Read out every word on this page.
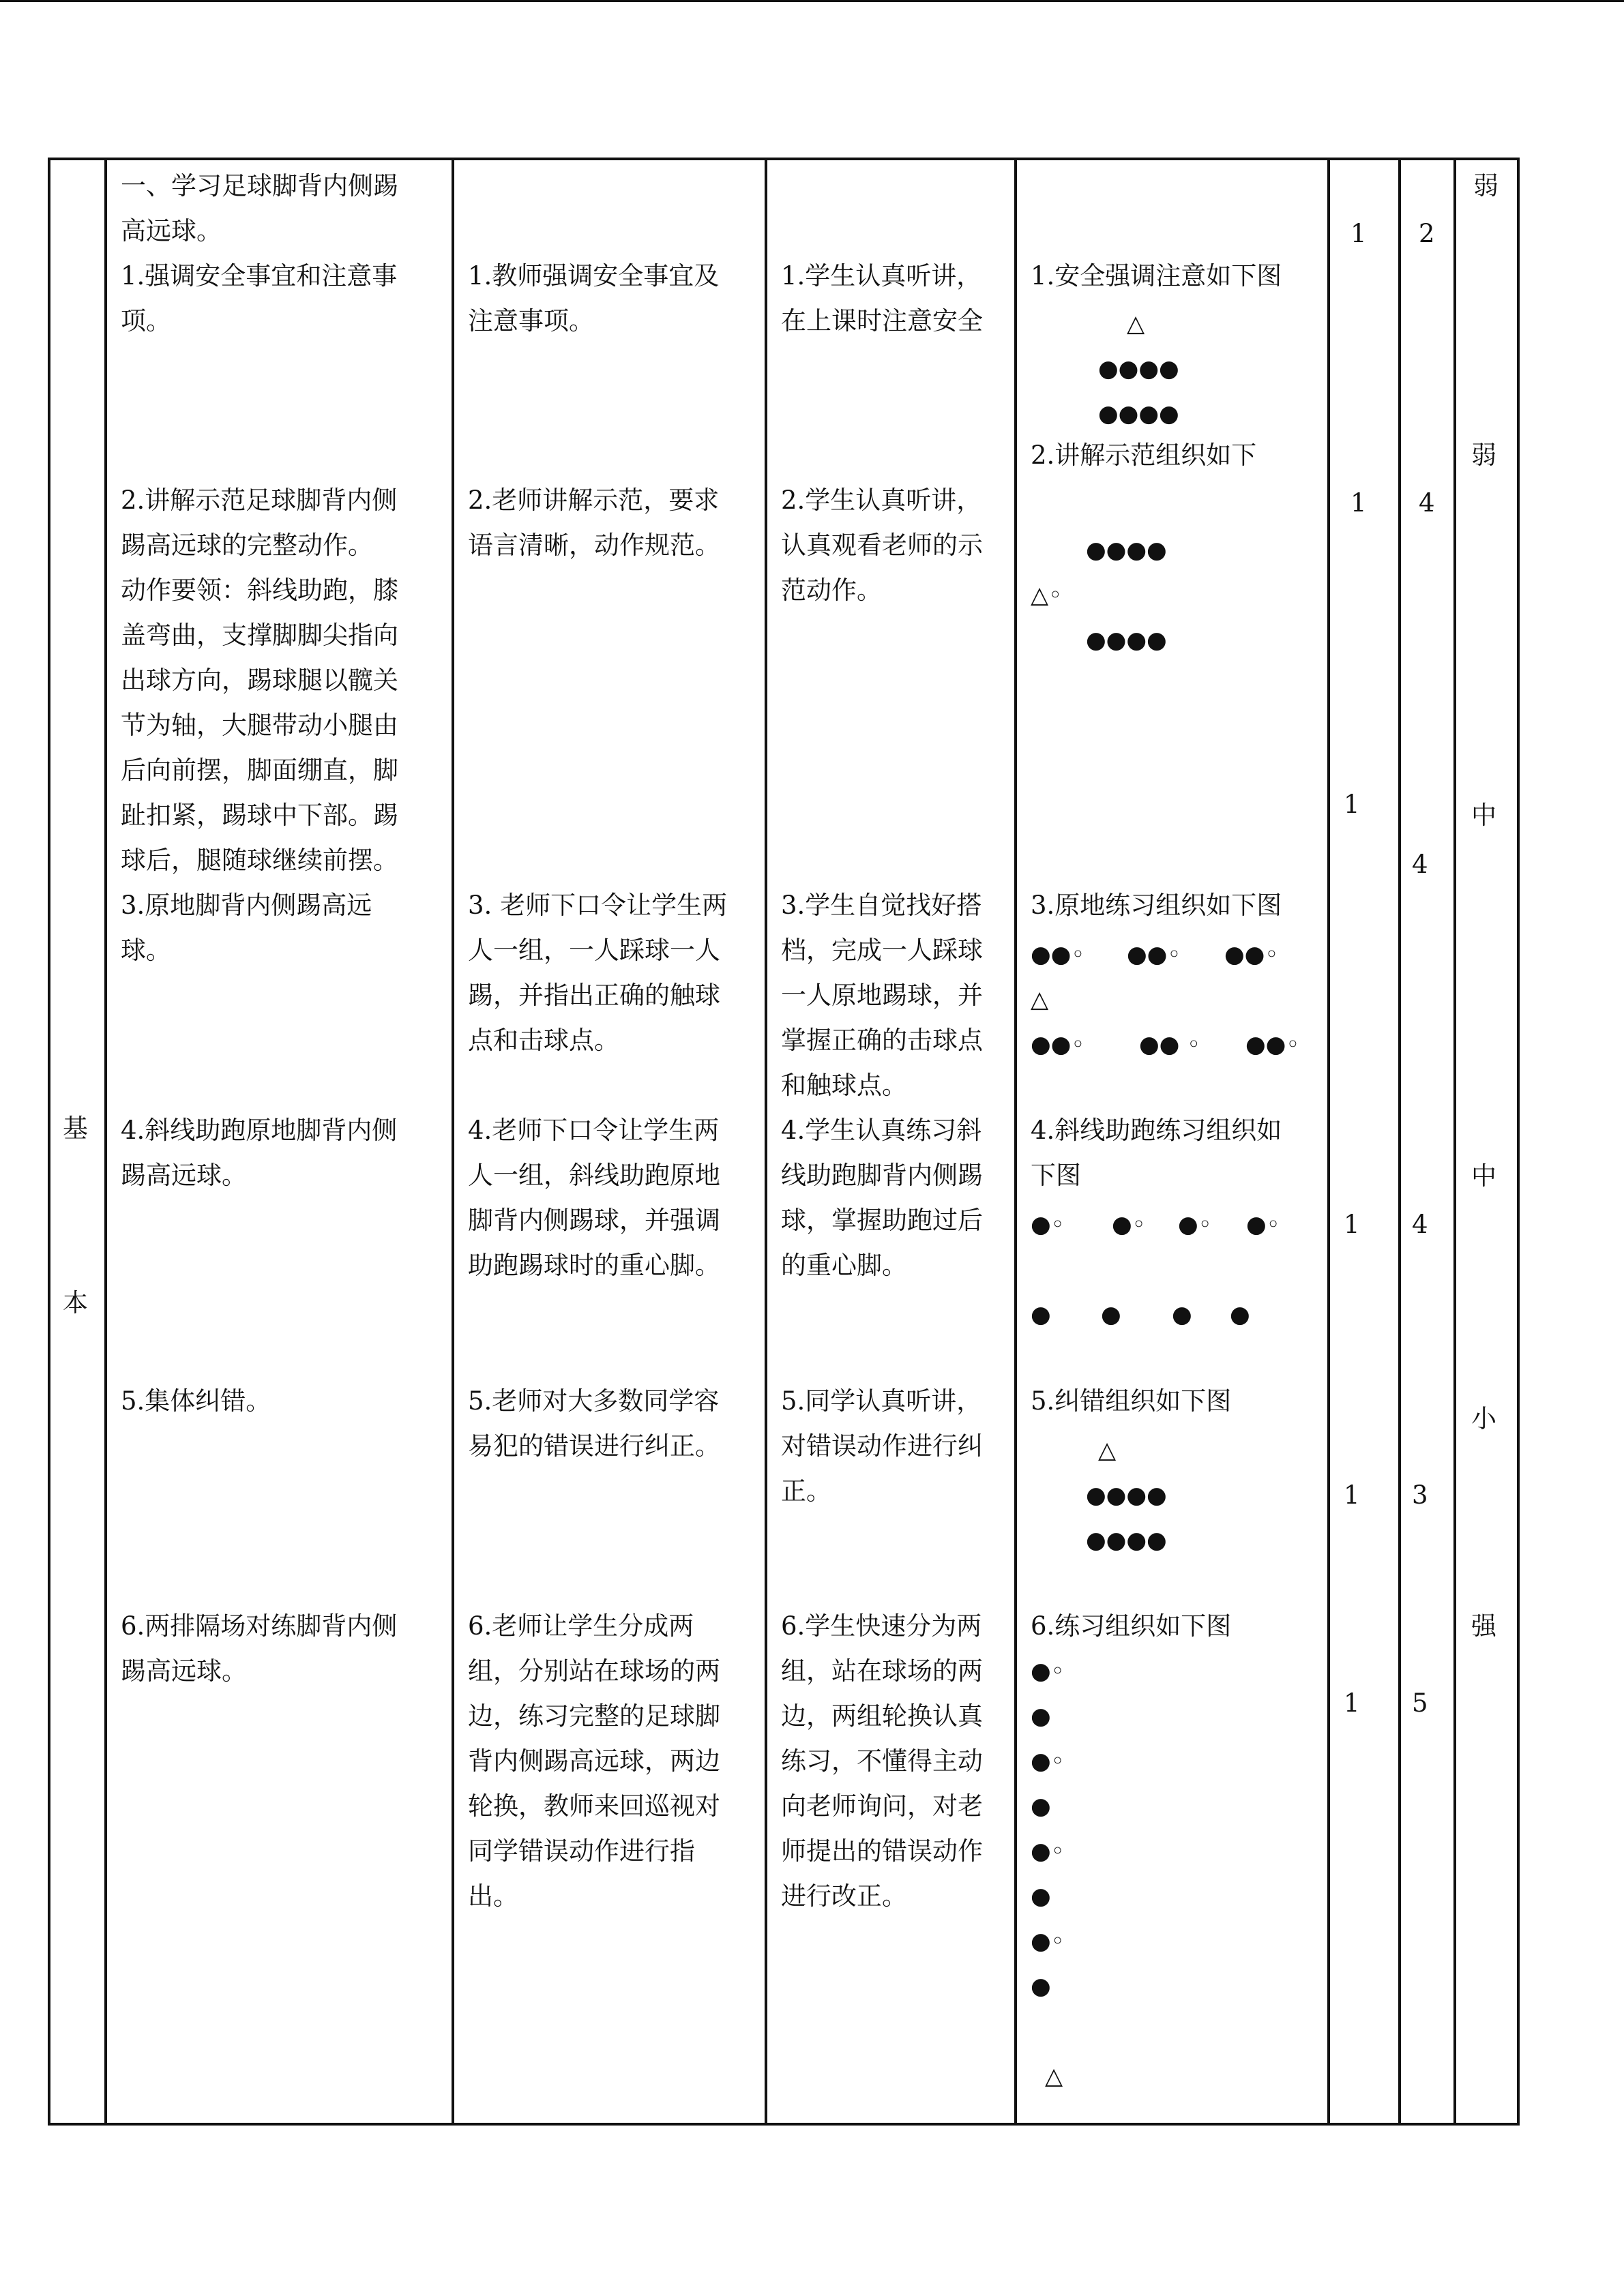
基
本
一、学习足球脚背内侧踢
高远球。
1.强调安全事宜和注意事
项。
2.讲解示范足球脚背内侧
踢高远球的完整动作。
动作要领：斜线助跑，膝
盖弯曲，支撑脚脚尖指向
出球方向，踢球腿以髋关
节为轴，大腿带动小腿由
后向前摆，脚面绷直，脚
趾扣紧，踢球中下部。踢
球后，腿随球继续前摆。
3.原地脚背内侧踢高远
球。
4.斜线助跑原地脚背内侧
踢高远球。
5.集体纠错。
6.两排隔场对练脚背内侧
踢高远球。
1.教师强调安全事宜及
注意事项。
2.老师讲解示范，要求
语言清晰，动作规范。
3. 老师下口令让学生两
人一组，一人踩球一人
踢，并指出正确的触球
点和击球点。
4.老师下口令让学生两
人一组，斜线助跑原地
脚背内侧踢球，并强调
助跑踢球时的重心脚。
5.老师对大多数同学容
易犯的错误进行纠正。
6.老师让学生分成两
组，分别站在球场的两
边，练习完整的足球脚
背内侧踢高远球，两边
轮换，教师来回巡视对
同学错误动作进行指
出。
1.学生认真听讲，
在上课时注意安全
2.学生认真听讲，
认真观看老师的示
范动作。
3.学生自觉找好搭
档，完成一人踩球
一人原地踢球，并
掌握正确的击球点
和触球点。
4.学生认真练习斜
线助跑脚背内侧踢
球，掌握助跑过后
的重心脚。
5.同学认真听讲，
对错误动作进行纠
正。
6.学生快速分为两
组，站在球场的两
边，两组轮换认真
练习，不懂得主动
向老师询问，对老
师提出的错误动作
进行改正。
1.安全强调注意如下图
△
●●●●
●●●●
2.讲解示范组织如下
●●●●
△◦
●●●●
3.原地练习组织如下图
●●◦ ●●◦ ●●◦
△
●●◦ ●● ◦ ●●◦
4.斜线助跑练习组织如
下图
●◦ ●◦ ●◦ ●◦
● ● ● ●
5.纠错组织如下图
△
●●●●
●●●●
6.练习组织如下图
●◦
●
●◦
●
●◦
●
●◦
●
△
1
1
1
1
1
1
2
4
4
4
3
5
弱
弱
中
中
小
强
